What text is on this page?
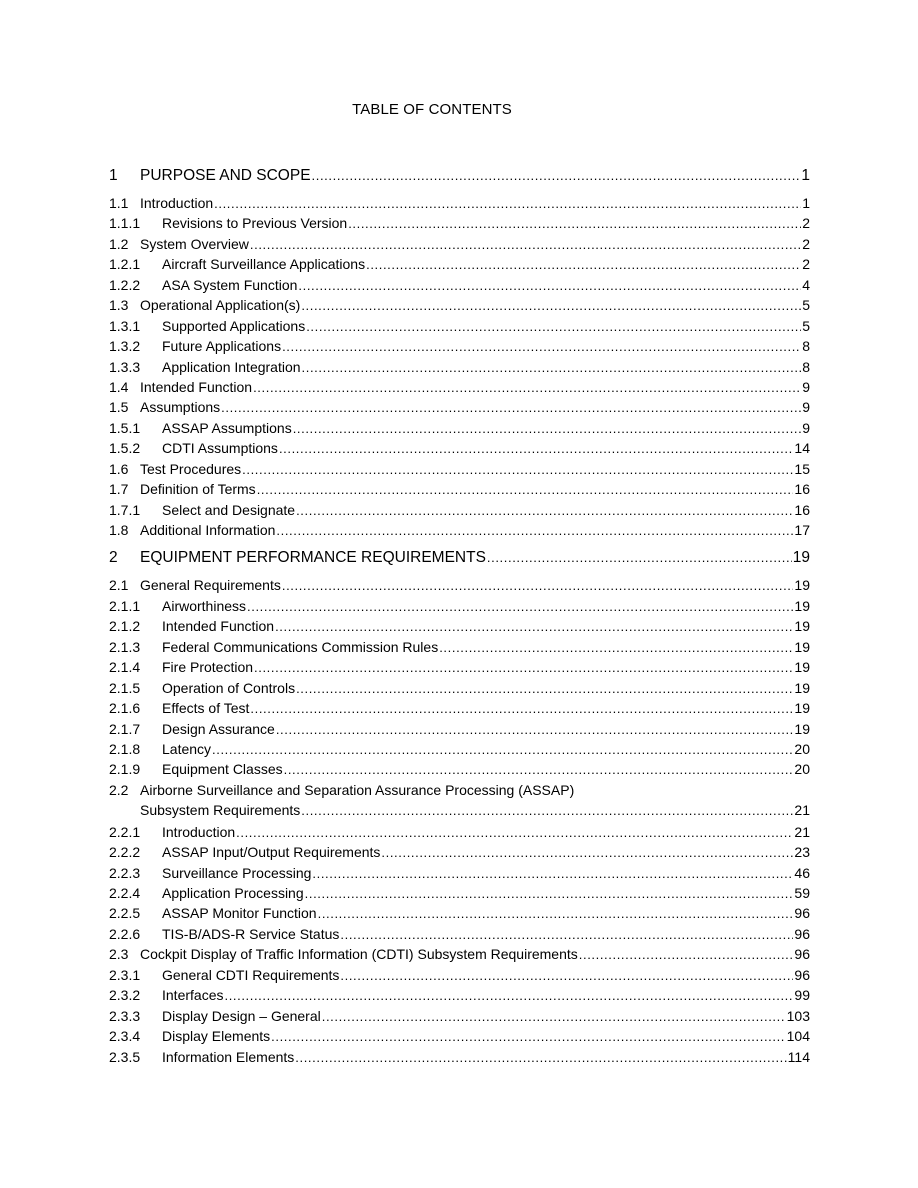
TABLE OF CONTENTS
1	PURPOSE AND SCOPE .....	1
1.1 Introduction .....	1
1.1.1	Revisions to Previous Version .....	2
1.2 System Overview .....	2
1.2.1	Aircraft Surveillance Applications .....	2
1.2.2	ASA System Function .....	4
1.3 Operational Application(s) .....	5
1.3.1	Supported Applications .....	5
1.3.2	Future Applications .....	8
1.3.3	Application Integration .....	8
1.4 Intended Function .....	9
1.5 Assumptions .....	9
1.5.1	ASSAP Assumptions .....	9
1.5.2	CDTI Assumptions .....	14
1.6 Test Procedures .....	15
1.7 Definition of Terms .....	16
1.7.1	Select and Designate .....	16
1.8 Additional Information .....	17
2	EQUIPMENT PERFORMANCE REQUIREMENTS .....	19
2.1 General Requirements .....	19
2.1.1	Airworthiness .....	19
2.1.2	Intended Function .....	19
2.1.3	Federal Communications Commission Rules .....	19
2.1.4	Fire Protection .....	19
2.1.5	Operation of Controls .....	19
2.1.6	Effects of Test .....	19
2.1.7	Design Assurance .....	19
2.1.8	Latency .....	20
2.1.9	Equipment Classes .....	20
2.2 Airborne Surveillance and Separation Assurance Processing (ASSAP)
Subsystem Requirements .....	21
2.2.1	Introduction .....	21
2.2.2	ASSAP Input/Output Requirements .....	23
2.2.3	Surveillance Processing .....	46
2.2.4	Application Processing .....	59
2.2.5	ASSAP Monitor Function .....	96
2.2.6	TIS-B/ADS-R Service Status .....	96
2.3 Cockpit Display of Traffic Information (CDTI) Subsystem Requirements .....	96
2.3.1	General CDTI Requirements .....	96
2.3.2	Interfaces .....	99
2.3.3	Display Design – General .....	103
2.3.4	Display Elements .....	104
2.3.5	Information Elements .....	114
